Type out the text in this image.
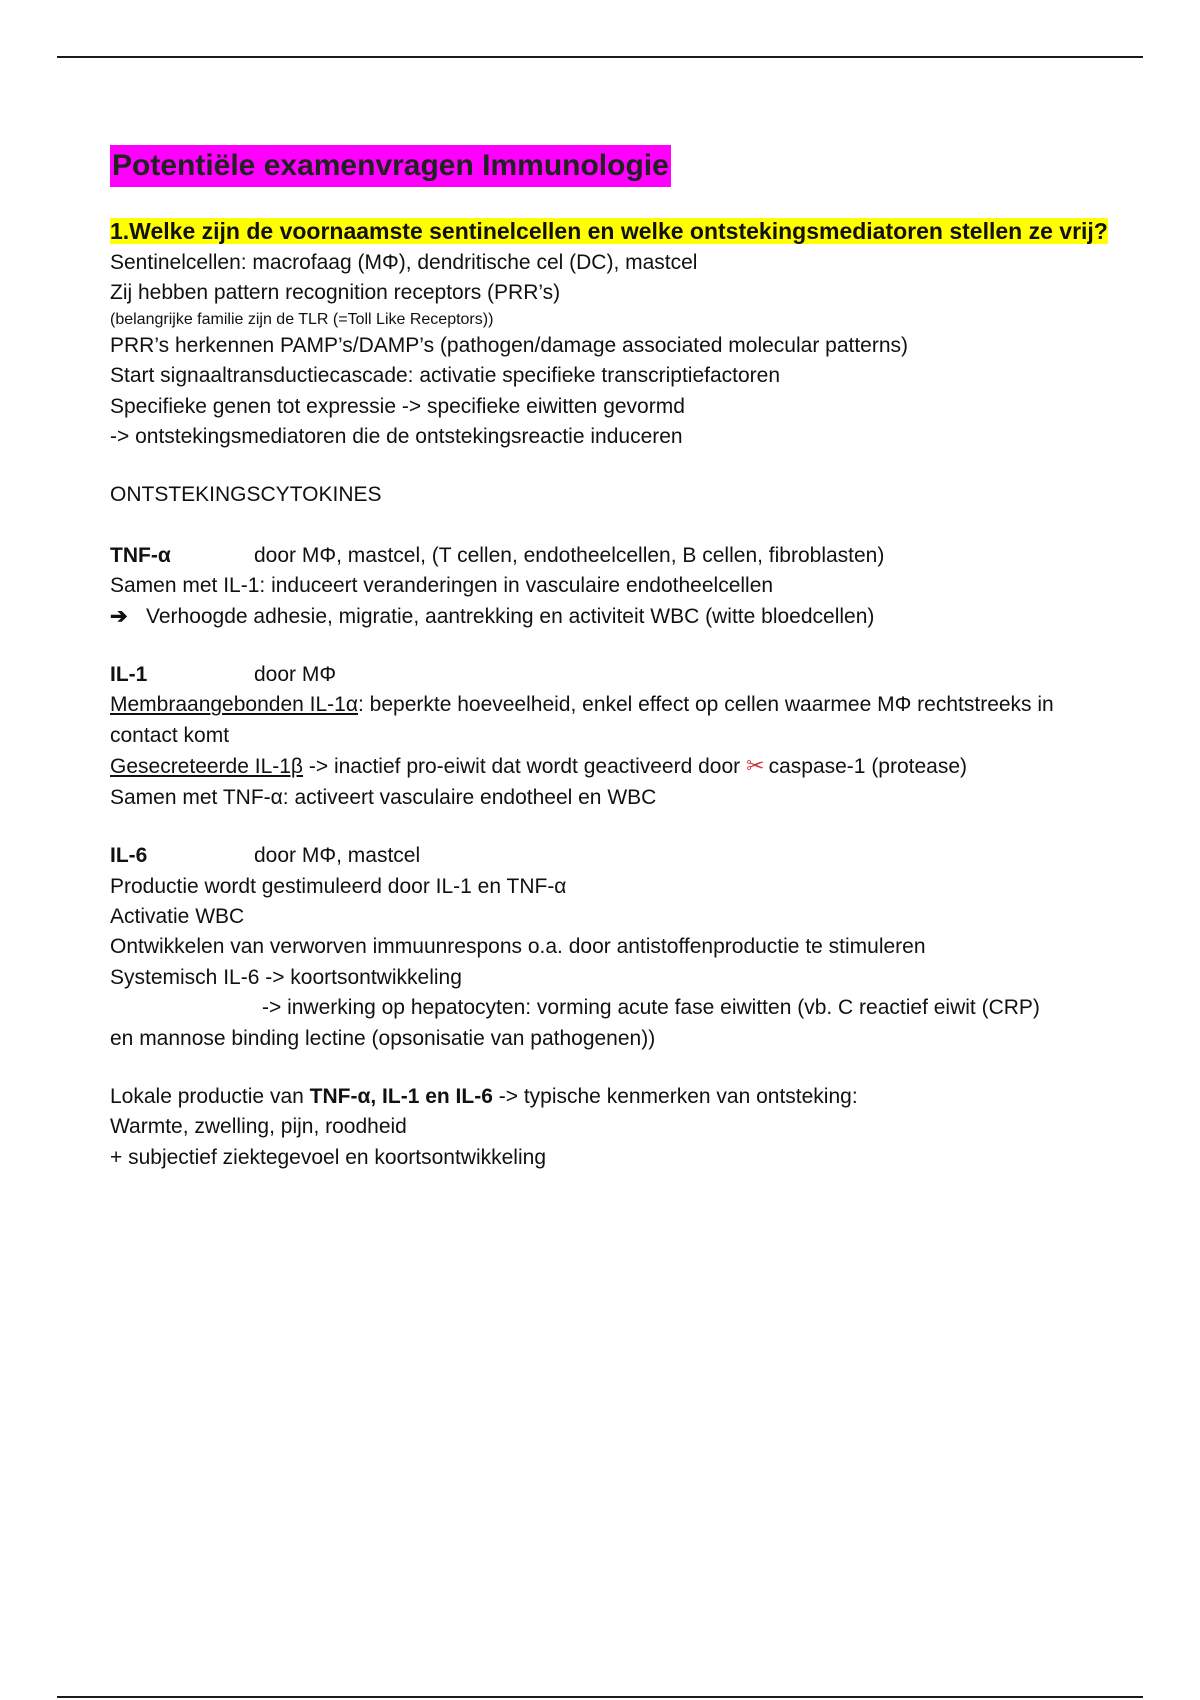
Potentiële examenvragen Immunologie
1.Welke zijn de voornaamste sentinelcellen en welke ontstekingsmediatoren stellen ze vrij?
Sentinelcellen: macrofaag (MΦ), dendritische cel (DC), mastcel
Zij hebben pattern recognition receptors (PRR’s)
(belangrijke familie zijn de TLR (=Toll Like Receptors))
PRR’s herkennen PAMP’s/DAMP’s (pathogen/damage associated molecular patterns)
Start signaaltransductiecascade: activatie specifieke transcriptiefactoren
Specifieke genen tot expressie -> specifieke eiwitten gevormd
-> ontstekingsmediatoren die de ontstekingsreactie induceren
ONTSTEKINGSCYTOKINES
TNF-α	door MΦ, mastcel, (T cellen, endotheelcellen, B cellen, fibroblasten)
Samen met IL-1: induceert veranderingen in vasculaire endotheelcellen
➔ Verhoogde adhesie, migratie, aantrekking en activiteit WBC (witte bloedcellen)
IL-1	door MΦ
Membraangebonden IL-1α: beperkte hoeveelheid, enkel effect op cellen waarmee MΦ rechtstreeks in contact komt
Gesecreteerde IL-1β -> inactief pro-eiwit dat wordt geactiveerd door ✂ caspase-1 (protease)
Samen met TNF-α: activeert vasculaire endotheel en WBC
IL-6	door MΦ, mastcel
Productie wordt gestimuleerd door IL-1 en TNF-α
Activatie WBC
Ontwikkelen van verworven immuunrespons o.a. door antistoffenproductie te stimuleren
Systemisch IL-6 -> koortsontwikkeling
-> inwerking op hepatocyten: vorming acute fase eiwitten (vb. C reactief eiwit (CRP)
en mannose binding lectine (opsonisatie van pathogenen))
Lokale productie van TNF-α, IL-1 en IL-6 -> typische kenmerken van ontsteking:
Warmte, zwelling, pijn, roodheid
+ subjectief ziektegevoel en koortsontwikkeling
